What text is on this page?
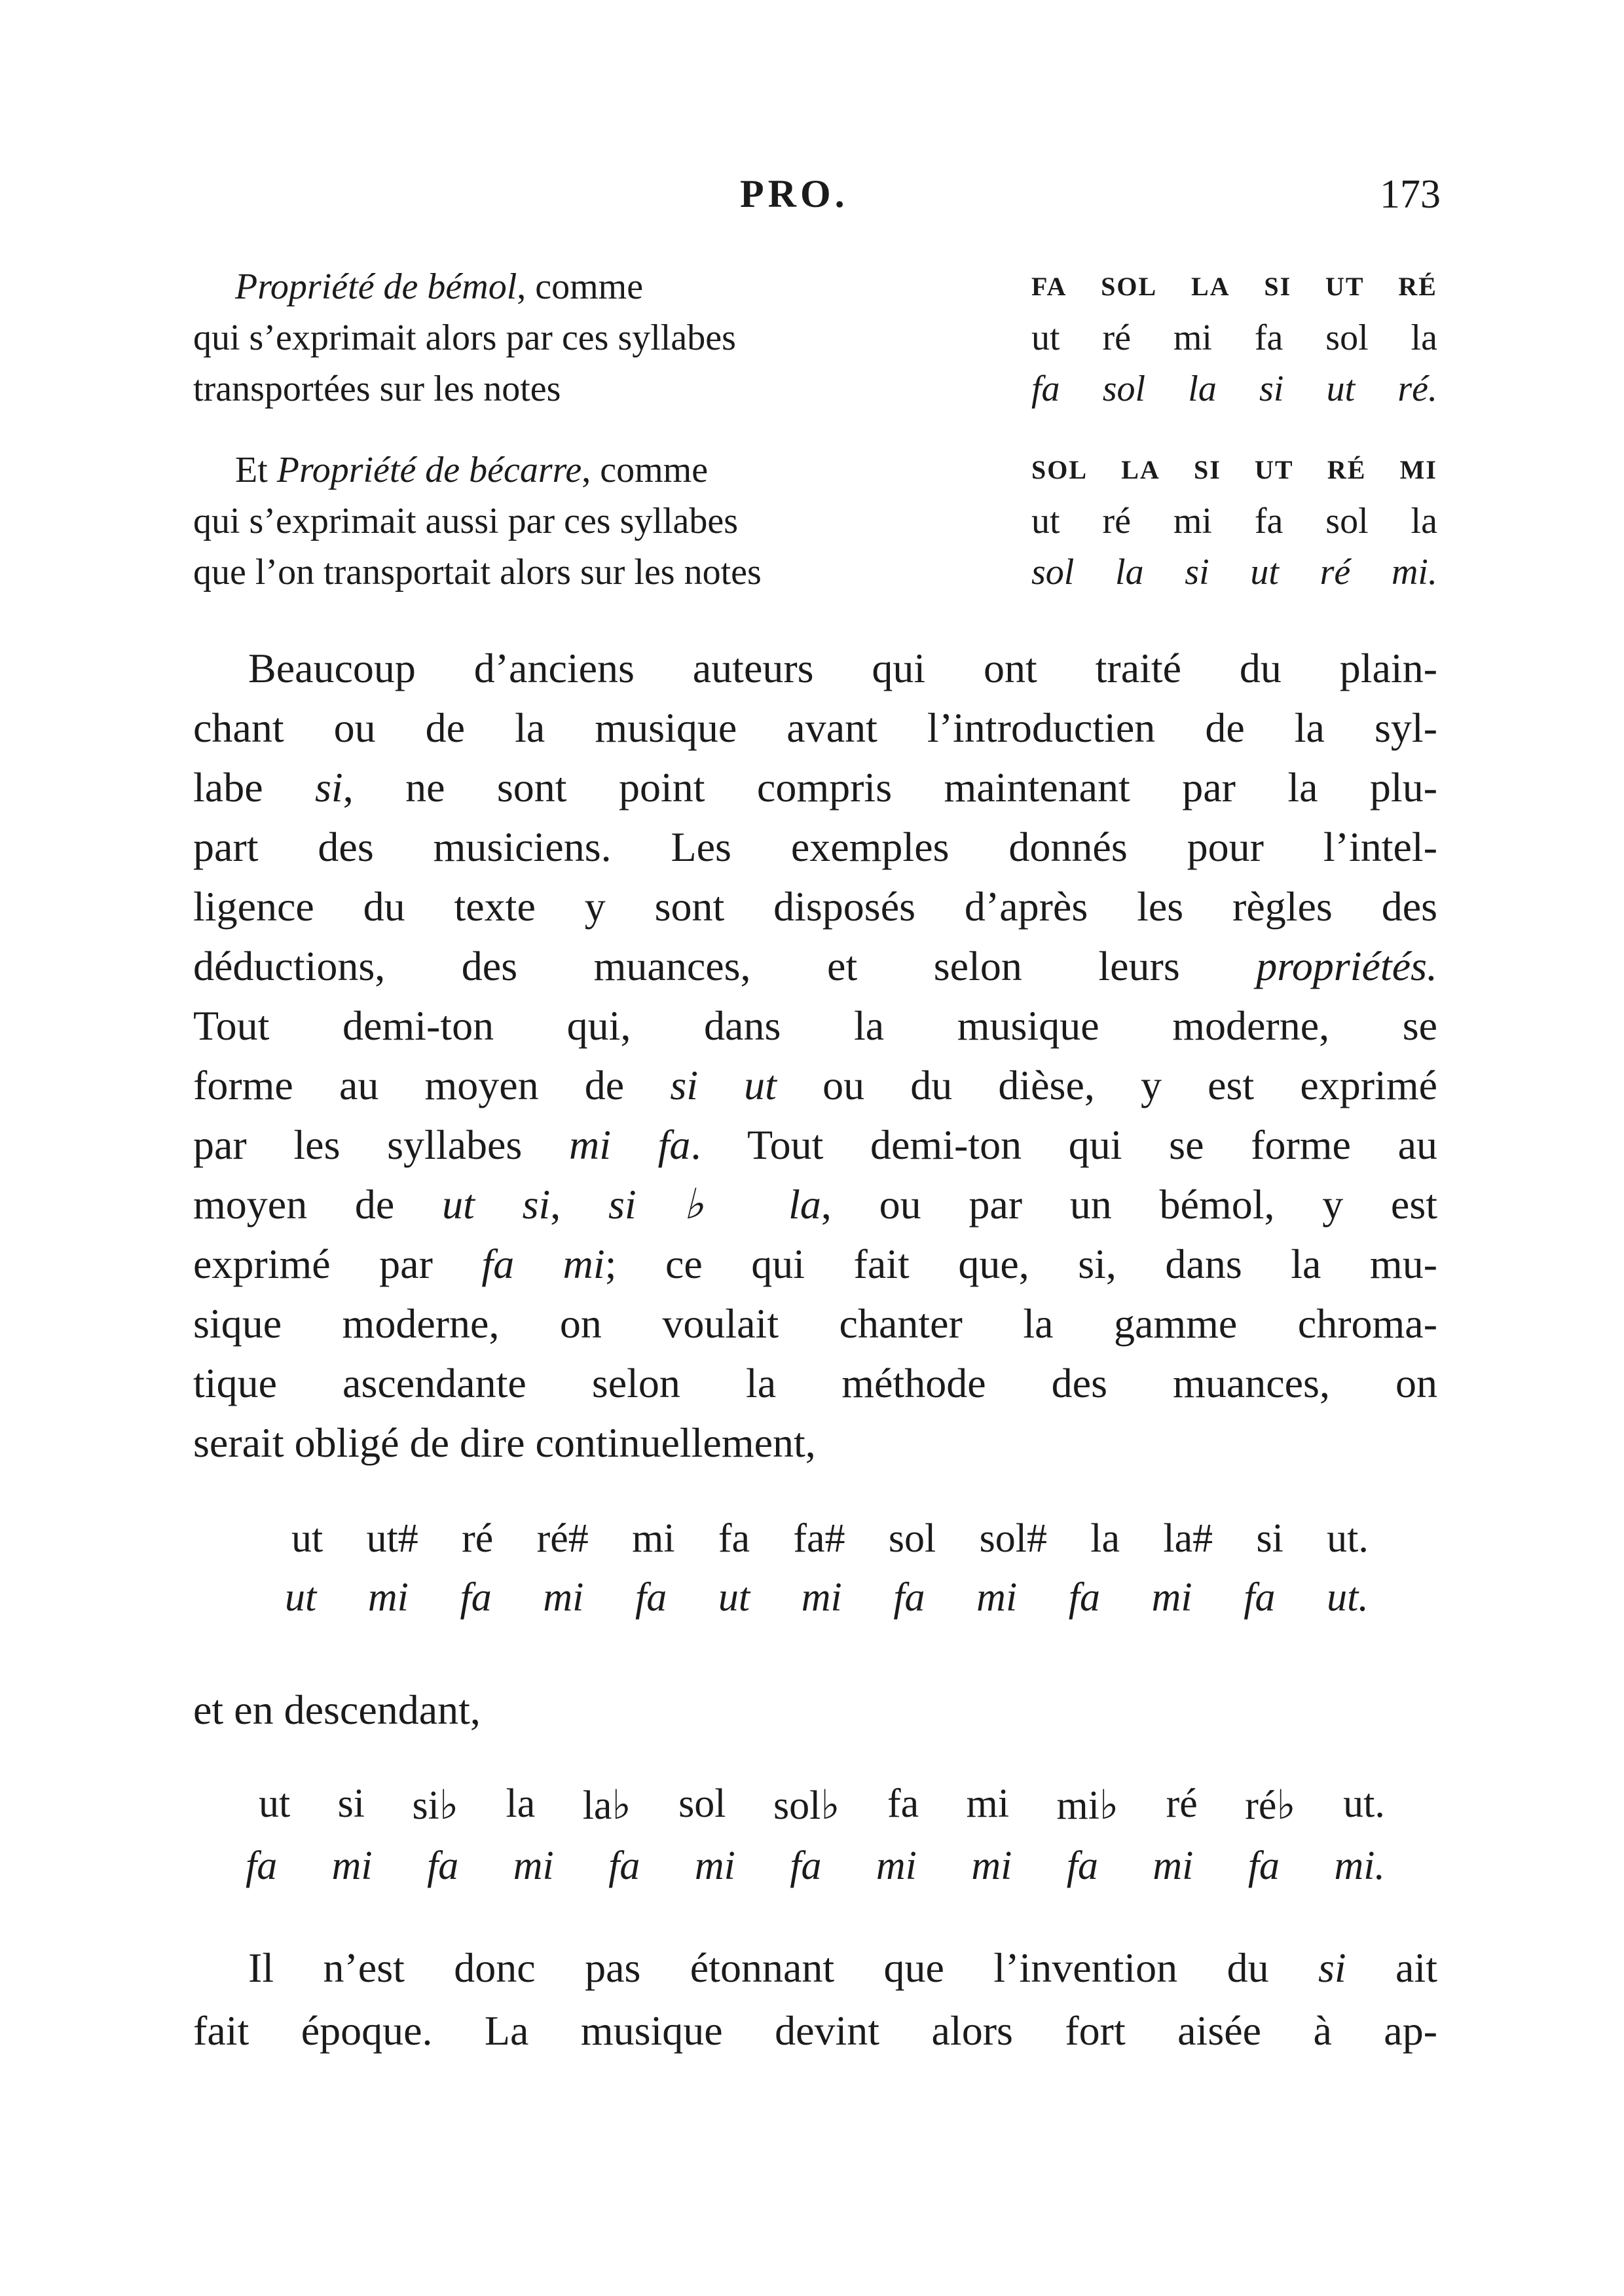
PRO.	173
Propriété de bémol, comme	FA SOL LA SI UT RÉ
qui s’exprimait alors par ces syllabes	ut ré mi fa sol la
transportées sur les notes	fa sol la si ut ré.
Et Propriété de bécarre, comme	SOL LA SI UT RÉ MI
qui s’exprimait aussi par ces syllabes	ut ré mi fa sol la
que l’on transportait alors sur les notes	sol la si ut ré mi.
Beaucoup d’anciens auteurs qui ont traité du plain-
chant ou de la musique avant l’introductien de la syl-
labe si, ne sont point compris maintenant par la plu-
part des musiciens. Les exemples donnés pour l’intel-
ligence du texte y sont disposés d’après les règles des
déductions, des muances, et selon leurs propriétés.
Tout demi-ton qui, dans la musique moderne, se
forme au moyen de si ut ou du dièse, y est exprimé
par les syllabes mi fa. Tout demi-ton qui se forme au
moyen de ut si, si ♭ la, ou par un bémol, y est
exprimé par fa mi; ce qui fait que, si, dans la mu-
sique moderne, on voulait chanter la gamme chroma-
tique ascendante selon la méthode des muances, on
serait obligé de dire continuellement,
ut ut# ré ré# mi fa fa# sol sol# la la# si ut.
ut mi fa mi fa ut mi fa mi fa mi fa ut.
et en descendant,
ut si si♭ la la♭ sol sol♭ fa mi mi♭ ré ré♭ ut.
fa mi fa mi fa mi fa mi mi fa mi fa mi.
Il n’est donc pas étonnant que l’invention du si ait
fait époque. La musique devint alors fort aisée à ap-
